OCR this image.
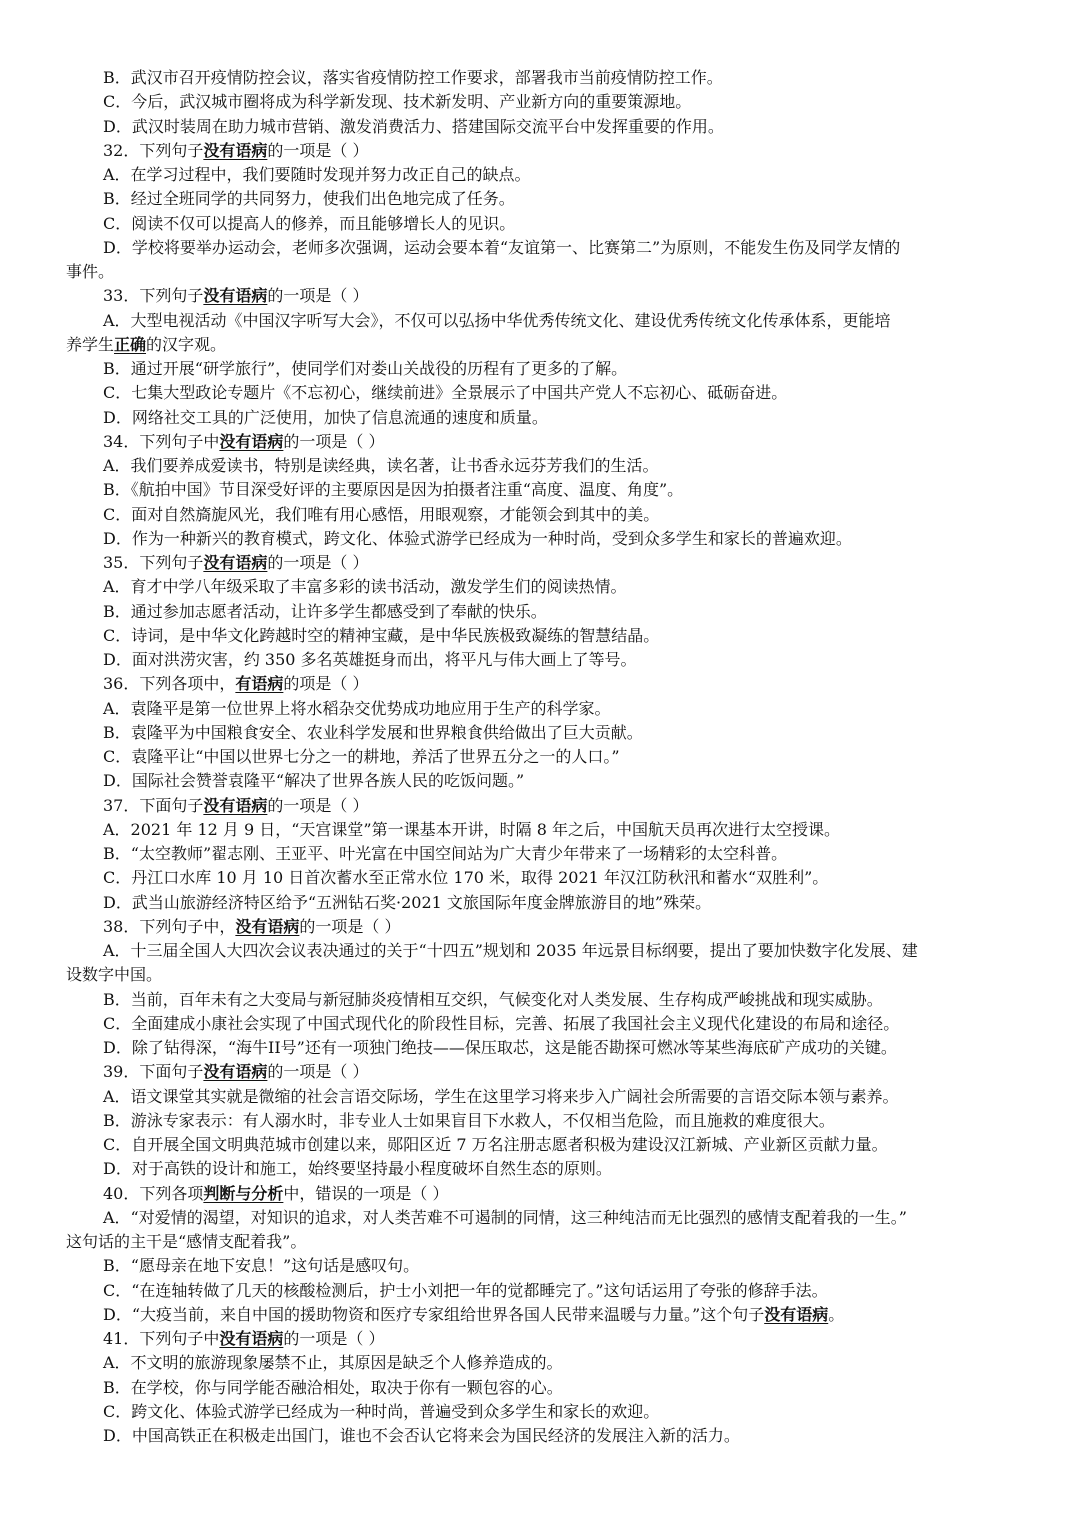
B．武汉市召开疫情防控会议，落实省疫情防控工作要求，部署我市当前疫情防控工作。
C．今后，武汉城市圈将成为科学新发现、技术新发明、产业新方向的重要策源地。
D．武汉时装周在助力城市营销、激发消费活力、搭建国际交流平台中发挥重要的作用。
32．下列句子没有语病的一项是（ ）
A．在学习过程中，我们要随时发现并努力改正自己的缺点。
B．经过全班同学的共同努力，使我们出色地完成了任务。
C．阅读不仅可以提高人的修养，而且能够增长人的见识。
D．学校将要举办运动会，老师多次强调，运动会要本着“友谊第一、比赛第二”为原则，不能发生伤及同学友情的
事件。
33．下列句子没有语病的一项是（ ）
A．大型电视活动《中国汉字听写大会》，不仅可以弘扬中华优秀传统文化、建设优秀传统文化传承体系，更能培
养学生正确的汉字观。
B．通过开展“研学旅行”，使同学们对娄山关战役的历程有了更多的了解。
C．七集大型政论专题片《不忘初心，继续前进》全景展示了中国共产党人不忘初心、砥砺奋进。
D．网络社交工具的广泛使用，加快了信息流通的速度和质量。
34．下列句子中没有语病的一项是（ ）
A．我们要养成爱读书，特别是读经典，读名著，让书香永远芬芳我们的生活。
B．《航拍中国》节目深受好评的主要原因是因为拍摄者注重“高度、温度、角度”。
C．面对自然旖旎风光，我们唯有用心感悟，用眼观察，才能领会到其中的美。
D．作为一种新兴的教育模式，跨文化、体验式游学已经成为一种时尚，受到众多学生和家长的普遍欢迎。
35．下列句子没有语病的一项是（ ）
A．育才中学八年级采取了丰富多彩的读书活动，激发学生们的阅读热情。
B．通过参加志愿者活动，让许多学生都感受到了奉献的快乐。
C．诗词，是中华文化跨越时空的精神宝藏，是中华民族极致凝练的智慧结晶。
D．面对洪涝灾害，约 350 多名英雄挺身而出，将平凡与伟大画上了等号。
36．下列各项中，有语病的项是（ ）
A．袁隆平是第一位世界上将水稻杂交优势成功地应用于生产的科学家。
B．袁隆平为中国粮食安全、农业科学发展和世界粮食供给做出了巨大贡献。
C．袁隆平让“中国以世界七分之一的耕地，养活了世界五分之一的人口。”
D．国际社会赞誉袁隆平“解决了世界各族人民的吃饭问题。”
37．下面句子没有语病的一项是（ ）
A．2021 年 12 月 9 日，“天宫课堂”第一课基本开讲，时隔 8 年之后，中国航天员再次进行太空授课。
B．“太空教师”翟志刚、王亚平、叶光富在中国空间站为广大青少年带来了一场精彩的太空科普。
C．丹江口水库 10 月 10 日首次蓄水至正常水位 170 米，取得 2021 年汉江防秋汛和蓄水“双胜利”。
D．武当山旅游经济特区给予“五洲钻石奖·2021 文旅国际年度金牌旅游目的地”殊荣。
38．下列句子中，没有语病的一项是（ ）
A．十三届全国人大四次会议表决通过的关于“十四五”规划和 2035 年远景目标纲要，提出了要加快数字化发展、建
设数字中国。
B．当前，百年未有之大变局与新冠肺炎疫情相互交织，气候变化对人类发展、生存构成严峻挑战和现实威胁。
C．全面建成小康社会实现了中国式现代化的阶段性目标，完善、拓展了我国社会主义现代化建设的布局和途径。
D．除了钻得深，“海牛II号”还有一项独门绝技——保压取芯，这是能否勘探可燃冰等某些海底矿产成功的关键。
39．下面句子没有语病的一项是（ ）
A．语文课堂其实就是微缩的社会言语交际场，学生在这里学习将来步入广阔社会所需要的言语交际本领与素养。
B．游泳专家表示：有人溺水时，非专业人士如果盲目下水救人，不仅相当危险，而且施救的难度很大。
C．自开展全国文明典范城市创建以来，郧阳区近 7 万名注册志愿者积极为建设汉江新城、产业新区贡献力量。
D．对于高铁的设计和施工，始终要坚持最小程度破坏自然生态的原则。
40．下列各项判断与分析中，错误的一项是（ ）
A．“对爱情的渴望，对知识的追求，对人类苦难不可遏制的同情，这三种纯洁而无比强烈的感情支配着我的一生。”
这句话的主干是“感情支配着我”。
B．“愿母亲在地下安息！”这句话是感叹句。
C．“在连轴转做了几天的核酸检测后，护士小刘把一年的觉都睡完了。”这句话运用了夸张的修辞手法。
D．“大疫当前，来自中国的援助物资和医疗专家组给世界各国人民带来温暖与力量。”这个句子没有语病。
41．下列句子中没有语病的一项是（ ）
A．不文明的旅游现象屡禁不止，其原因是缺乏个人修养造成的。
B．在学校，你与同学能否融洽相处，取决于你有一颗包容的心。
C．跨文化、体验式游学已经成为一种时尚，普遍受到众多学生和家长的欢迎。
D．中国高铁正在积极走出国门，谁也不会否认它将来会为国民经济的发展注入新的活力。
